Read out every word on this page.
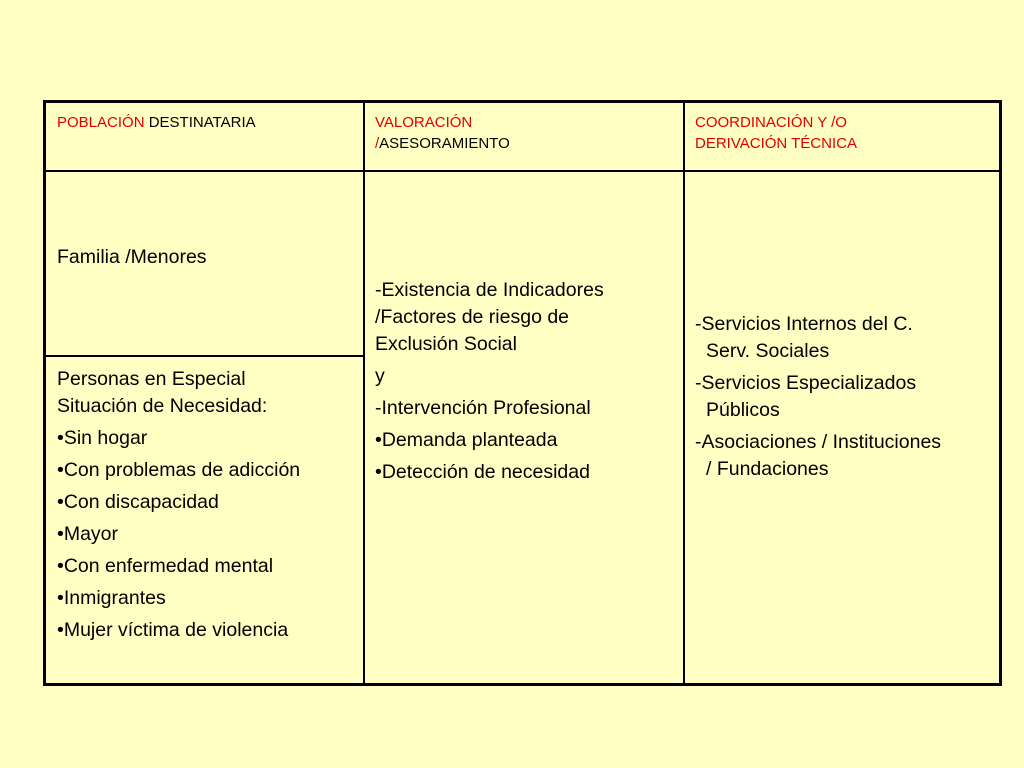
POBLACIÓN DESTINATARIA	VALORACIÓN
/ASESORAMIENTO
COORDINACIÓN Y /O
DERIVACIÓN TÉCNICA
Familia /Menores
Personas en Especial
Situación de Necesidad:
•Sin hogar
•Con problemas de adicción
•Con discapacidad
•Mayor
•Con enfermedad mental
•Inmigrantes
•Mujer víctima de violencia
-Existencia de Indicadores
/Factores de riesgo de
Exclusión Social
y
-Intervención Profesional
•Demanda planteada
•Detección de necesidad
-Servicios Internos del C.
Serv. Sociales
-Servicios Especializados
Públicos
-Asociaciones / Instituciones
/ Fundaciones
